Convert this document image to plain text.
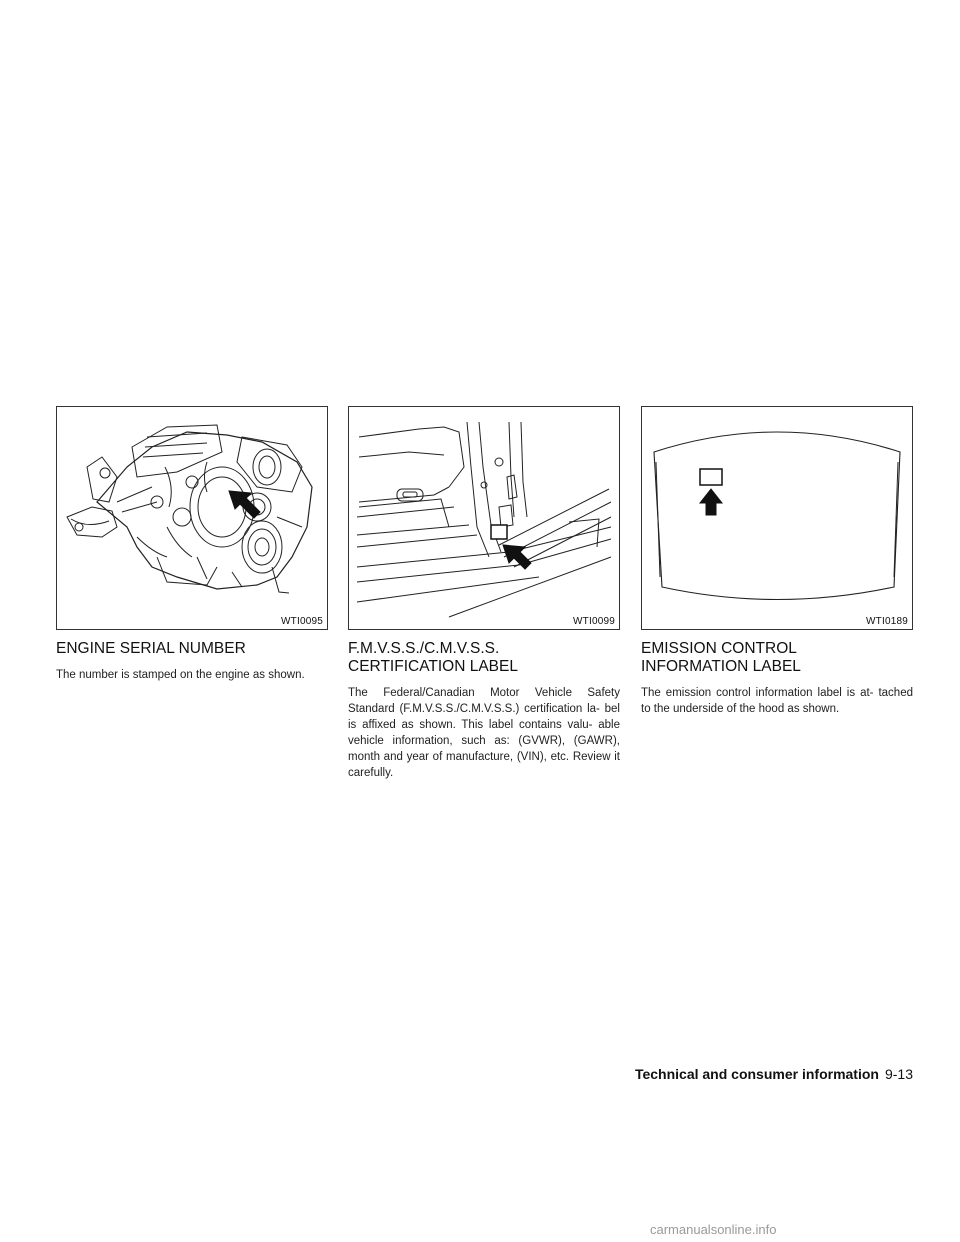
WTI0095
ENGINE SERIAL NUMBER

The number is stamped on the engine as shown.

WTI0099
F.M.V.S.S./C.M.V.S.S.
CERTIFICATION LABEL

The Federal/Canadian Motor Vehicle Safety Standard (F.M.V.S.S./C.M.V.S.S.) certification la- bel is affixed as shown. This label contains valu- able vehicle information, such as: (GVWR), (GAWR), month and year of manufacture, (VIN), etc. Review it carefully.

WTI0189
EMISSION CONTROL
INFORMATION LABEL

The emission control information label is at- tached to the underside of the hood as shown.

Technical and consumer information 9-13
carmanualsonline.info
